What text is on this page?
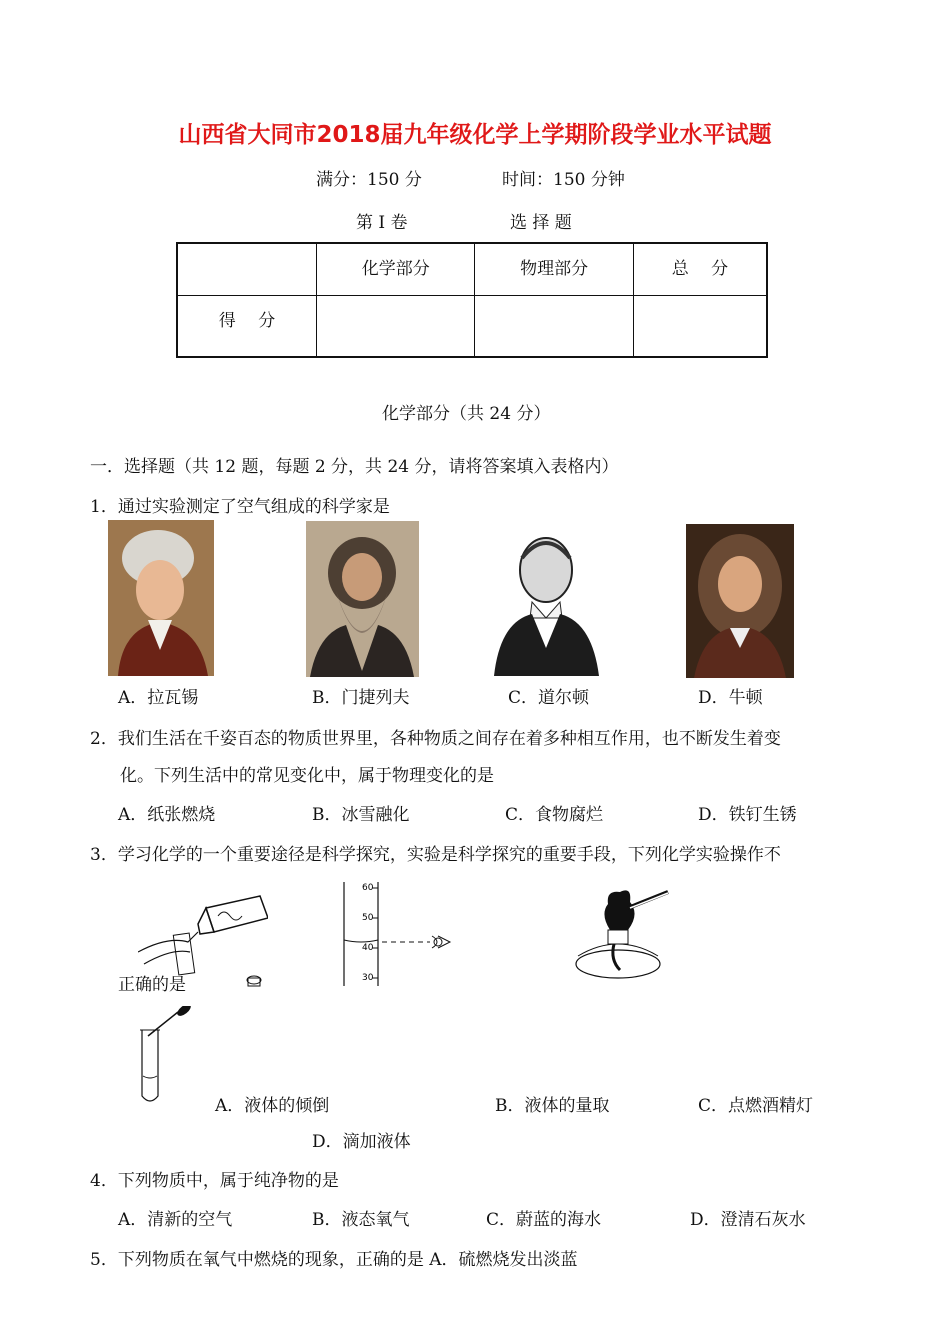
山西省大同市2018届九年级化学上学期阶段学业水平试题
满分：150 分	时间：150 分钟
第 I 卷	选 择 题
	化学部分	物理部分	总　 分
得　 分			
化学部分（共 24 分）
一．选择题（共 12 题，每题 2 分，共 24 分，请将答案填入表格内）
1．通过实验测定了空气组成的科学家是
A．拉瓦锡	B．门捷列夫	C．道尔顿	D．牛顿
2．我们生活在千姿百态的物质世界里，各种物质之间存在着多种相互作用，也不断发生着变
化。下列生活中的常见变化中，属于物理变化的是
A．纸张燃烧	B．冰雪融化	C．食物腐烂	D．铁钉生锈
3．学习化学的一个重要途径是科学探究，实验是科学探究的重要手段，下列化学实验操作不
正确的是
60
50
40
30
A．液体的倾倒	B．液体的量取	C．点燃酒精灯
D．滴加液体
4．下列物质中，属于纯净物的是
A．清新的空气	B．液态氧气	C．蔚蓝的海水	D．澄清石灰水
5．下列物质在氧气中燃烧的现象，正确的是 A．硫燃烧发出淡蓝
